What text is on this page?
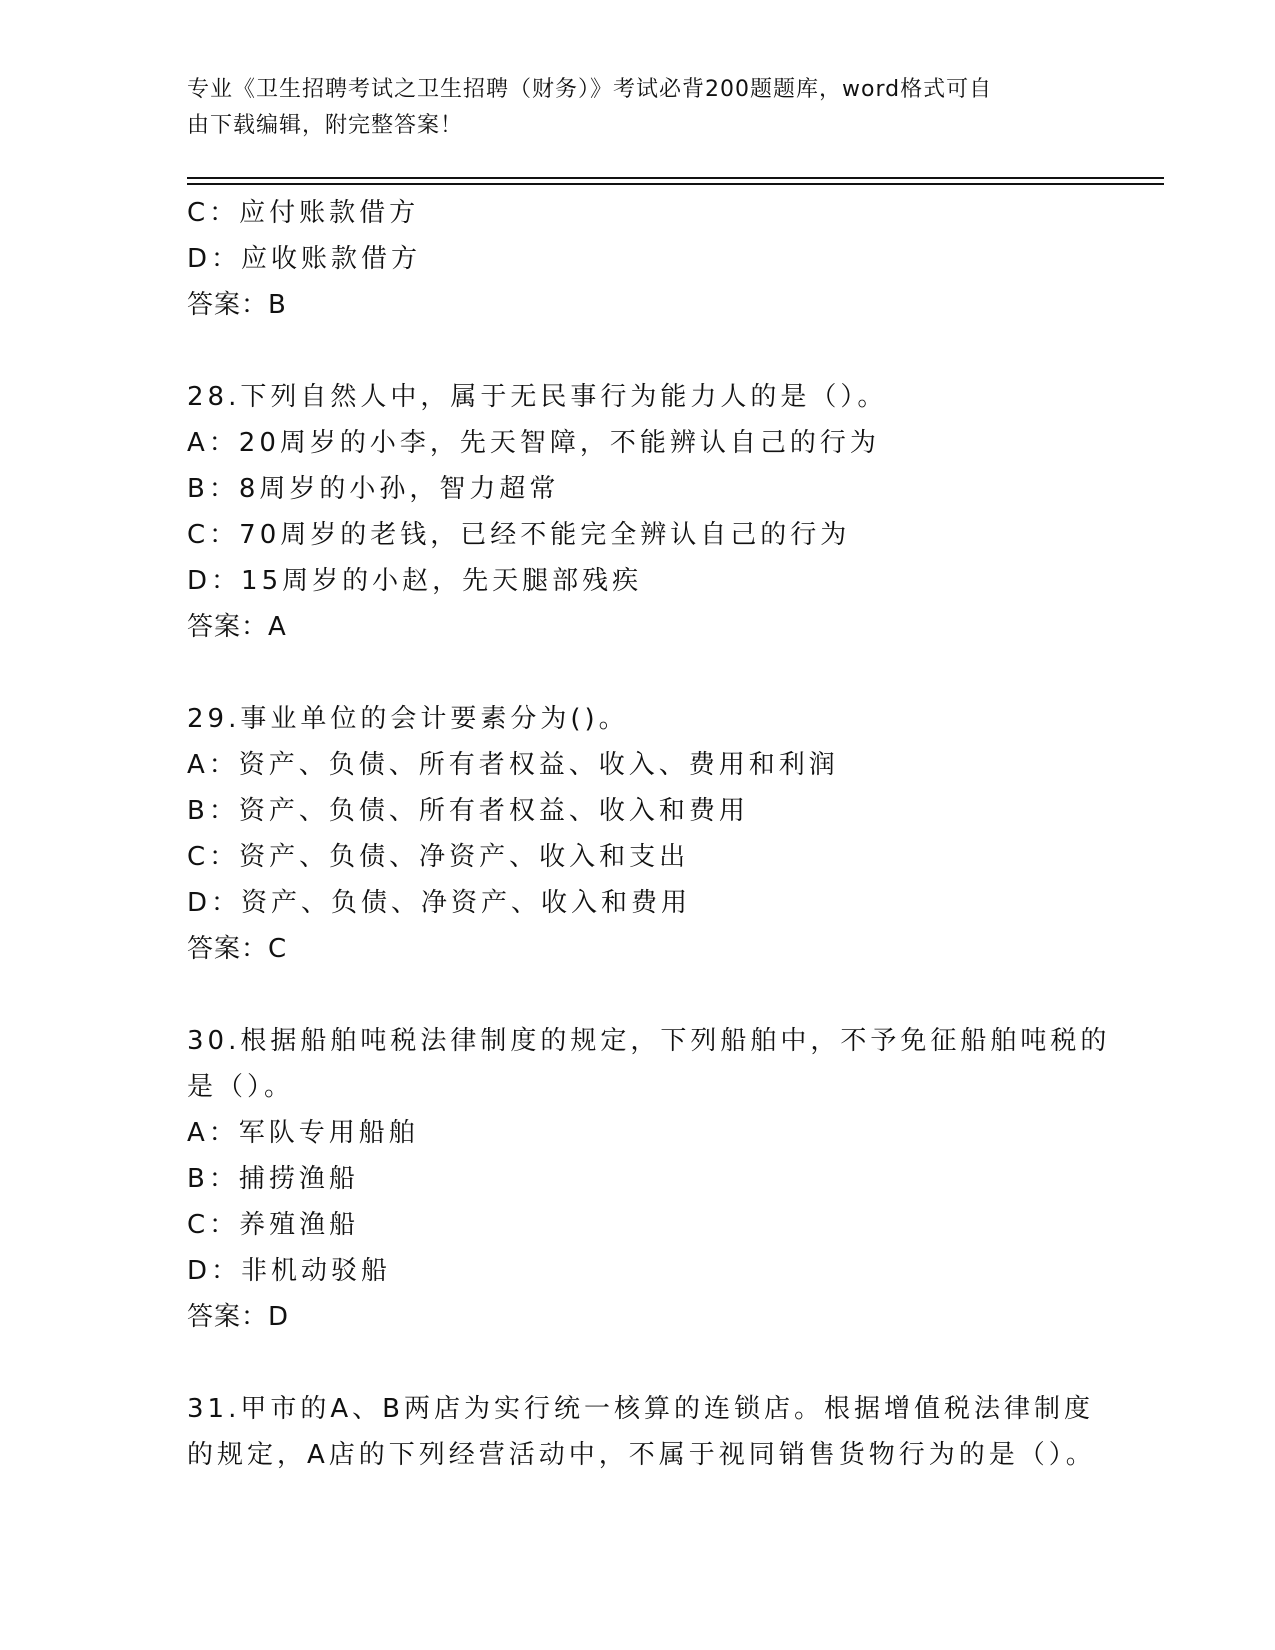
专业《卫生招聘考试之卫生招聘（财务）》考试必背200题题库，word格式可自
由下载编辑，附完整答案！
C：应付账款借方
D：应收账款借方
答案：B
28.下列自然人中，属于无民事行为能力人的是（）。
A：20周岁的小李，先天智障，不能辨认自己的行为
B：8周岁的小孙，智力超常
C：70周岁的老钱，已经不能完全辨认自己的行为
D：15周岁的小赵，先天腿部残疾
答案：A
29.事业单位的会计要素分为()。
A：资产、负债、所有者权益、收入、费用和利润
B：资产、负债、所有者权益、收入和费用
C：资产、负债、净资产、收入和支出
D：资产、负债、净资产、收入和费用
答案：C
30.根据船舶吨税法律制度的规定，下列船舶中，不予免征船舶吨税的
是（）。
A：军队专用船舶
B：捕捞渔船
C：养殖渔船
D：非机动驳船
答案：D
31.甲市的A、B两店为实行统一核算的连锁店。根据增值税法律制度
的规定，A店的下列经营活动中，不属于视同销售货物行为的是（）。
